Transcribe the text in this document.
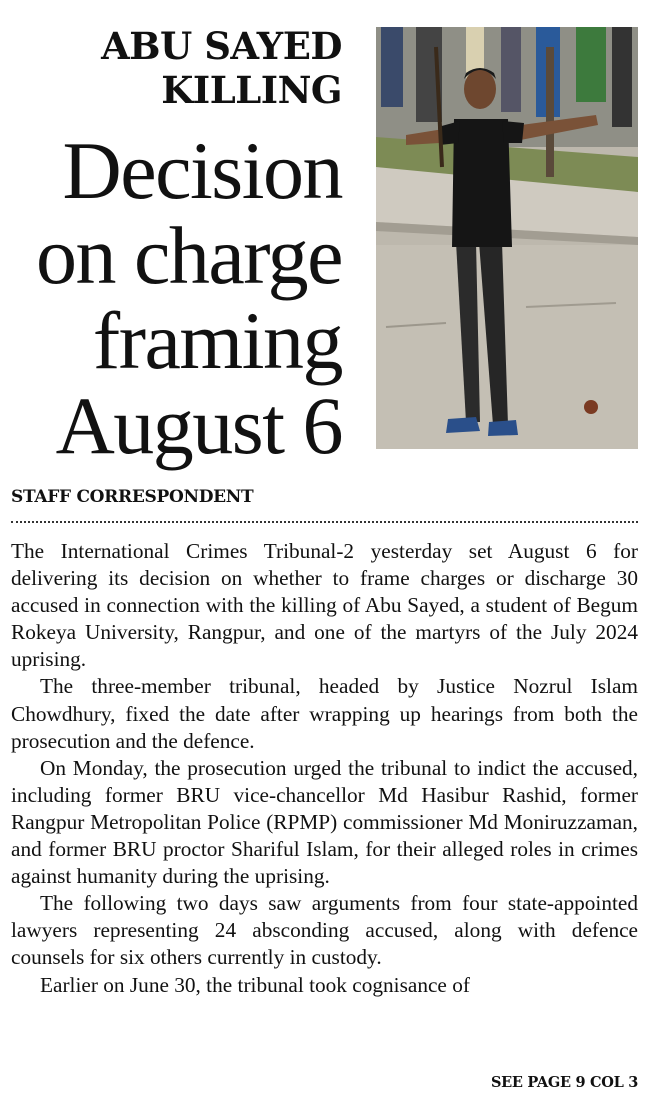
ABU SAYED
KILLING
Decision
on charge
framing
August 6
STAFF CORRESPONDENT

The International Crimes Tribunal-2 yesterday set August 6 for delivering its decision on whether to frame charges or discharge 30 accused in connection with the killing of Abu Sayed, a student of Begum Rokeya University, Rangpur, and one of the martyrs of the July 2024 uprising.

The three-member tribunal, headed by Justice Nozrul Islam Chowdhury, fixed the date after wrapping up hearings from both the prosecution and the defence.

On Monday, the prosecution urged the tribunal to indict the accused, including former BRU vice-chancellor Md Hasibur Rashid, former Rangpur Metropolitan Police (RPMP) commissioner Md Moniruzzaman, and former BRU proctor Shariful Islam, for their alleged roles in crimes against humanity during the uprising.

The following two days saw arguments from four state-appointed lawyers representing 24 absconding accused, along with defence counsels for six others currently in custody.

Earlier on June 30, the tribunal took cognisance of

SEE PAGE 9 COL 3
